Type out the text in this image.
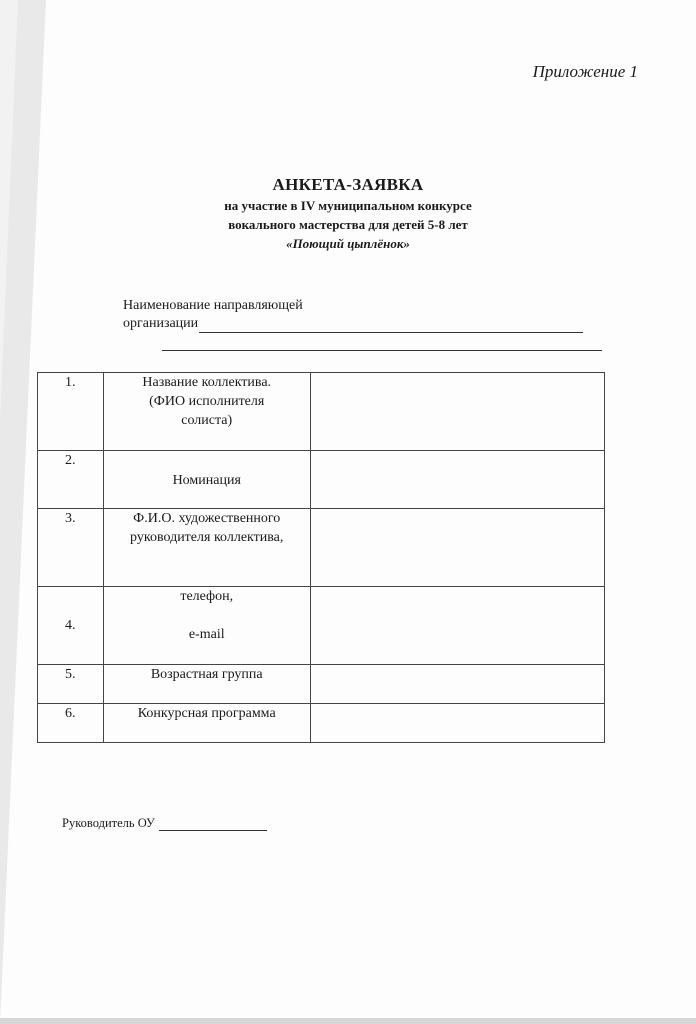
Приложение 1
АНКЕТА-ЗАЯВКА
на участие в IV муниципальном конкурсе
вокального мастерства для детей 5-8 лет
«Поющий цыплёнок»
Наименование направляющей
организации
1.	Название коллектива.
(ФИО исполнителя
солиста)	

2.	Номинация	

3.	Ф.И.О. художественного
руководителя коллектива,	

4.	телефон,
e-mail	

5.	Возрастная группа	

6.	Конкурсная программа	

Руководитель ОУ
